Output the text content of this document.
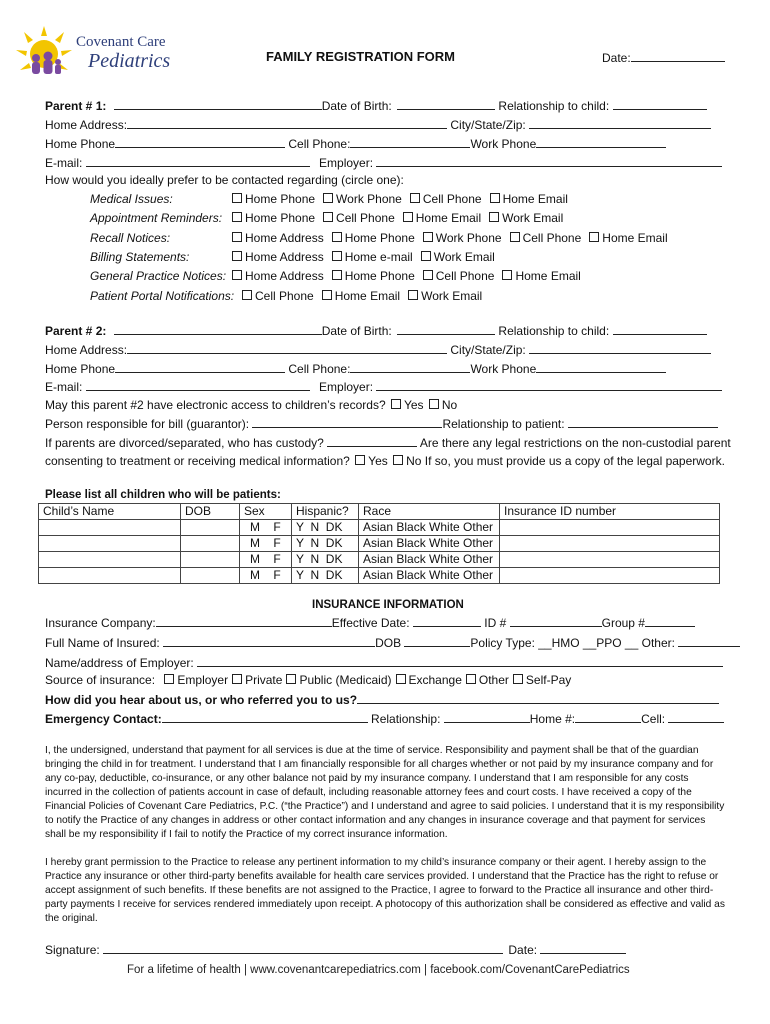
Covenant Care
Pediatrics	FAMILY REGISTRATION FORM	Date:
Parent # 1:	Date of Birth:	Relationship to child:
Home Address:	City/State/Zip:
Home Phone	Cell Phone:	Work Phone
E-mail:	Employer:
How would you ideally prefer to be contacted regarding (circle one):
Medical Issues:	Home Phone Work Phone Cell Phone Home Email
Appointment Reminders:	Home Phone Cell Phone Home Email Work Email
Recall Notices:	Home Address Home Phone Work Phone Cell Phone Home Email
Billing Statements:	Home Address Home e-mail Work Email
General Practice Notices:	Home Address Home Phone Cell Phone Home Email
Patient Portal Notifications:	Cell Phone Home Email Work Email
Parent # 2:	Date of Birth:	Relationship to child:
Home Address:	City/State/Zip:
Home Phone	Cell Phone:	Work Phone
E-mail:	Employer:
May this parent #2 have electronic access to children’s records? Yes No
Person responsible for bill (guarantor):	Relationship to patient:
If parents are divorced/separated, who has custody?	Are there any legal restrictions on the non-custodial parent
consenting to treatment or receiving medical information? Yes No If so, you must provide us a copy of the legal paperwork.
Please list all children who will be patients:
Child’s Name	DOB	Sex	Hispanic?	Race	Insurance ID number
		M    F	Y  N  DK	Asian Black White Other	
		M    F	Y  N  DK	Asian Black White Other	
		M    F	Y  N  DK	Asian Black White Other	
		M    F	Y  N  DK	Asian Black White Other	
INSURANCE INFORMATION
Insurance Company:	Effective Date:	ID #	Group #
Full Name of Insured:	DOB	Policy Type: __HMO __PPO __ Other:
Name/address of Employer:
Source of insurance: Employer Private Public (Medicaid) Exchange Other Self-Pay
How did you hear about us, or who referred you to us?
Emergency Contact:	Relationship:	Home #:	Cell:
I, the undersigned, understand that payment for all services is due at the time of service. Responsibility and payment shall be that of the guardian bringing the child in for treatment. I understand that I am financially responsible for all charges whether or not paid by my insurance company and for any co-pay, deductible, co-insurance, or any other balance not paid by my insurance company. I understand that I am responsible for any costs incurred in the collection of patients account in case of default, including reasonable attorney fees and court costs. I have received a copy of the Financial Policies of Covenant Care Pediatrics, P.C. (“the Practice”) and I understand and agree to said policies. I understand that it is my responsibility to notify the Practice of any changes in address or other contact information and any changes in insurance coverage and that payment for services shall be my responsibility if I fail to notify the Practice of my correct insurance information.
I hereby grant permission to the Practice to release any pertinent information to my child’s insurance company or their agent. I hereby assign to the Practice any insurance or other third-party benefits available for health care services provided. I understand that the Practice has the right to refuse or accept assignment of such benefits. If these benefits are not assigned to the Practice, I agree to forward to the Practice all insurance and other third-party payments I receive for services rendered immediately upon receipt. A photocopy of this authorization shall be considered as effective and valid as the original.
Signature:	Date:
For a lifetime of health | www.covenantcarepediatrics.com | facebook.com/CovenantCarePediatrics
